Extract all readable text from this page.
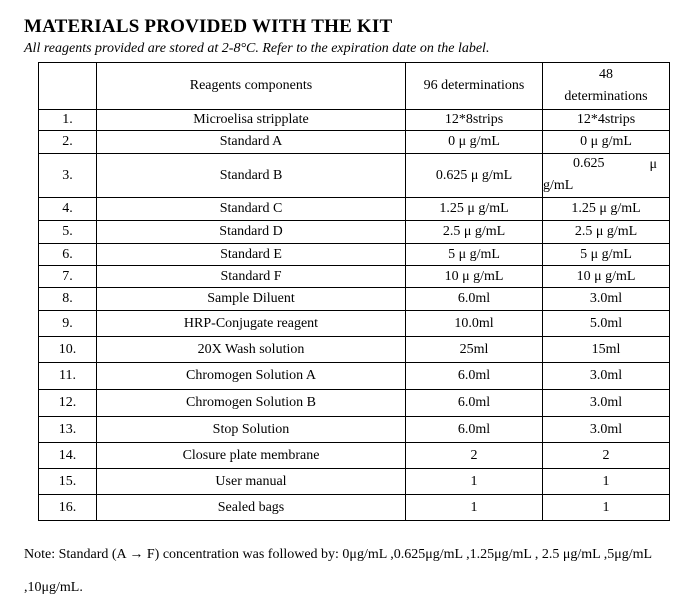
MATERIALS PROVIDED WITH THE KIT
All reagents provided are stored at 2-8°C. Refer to the expiration date on the label.
	Reagents components	96 determinations	48
determinations

1.	Microelisa stripplate	12*8strips	12*4strips
2.	Standard A	0 μ g/mL	0 μ g/mL
3.	Standard B	0.625 μ g/mL	0.625 μ
g/mL

4.	Standard C	1.25 μ g/mL	1.25 μ g/mL
5.	Standard D	2.5 μ g/mL	2.5 μ g/mL
6.	Standard E	5 μ g/mL	5 μ g/mL
7.	Standard F	10 μ g/mL	10 μ g/mL
8.	Sample Diluent	6.0ml	3.0ml
9.	HRP-Conjugate reagent	10.0ml	5.0ml
10.	20X Wash solution	25ml	15ml
11.	Chromogen Solution A	6.0ml	3.0ml
12.	Chromogen Solution B	6.0ml	3.0ml
13.	Stop Solution	6.0ml	3.0ml
14.	Closure plate membrane	2	2
15.	User manual	1	1
16.	Sealed bags	1	1
Note: Standard (A → F) concentration was followed by: 0μg/mL ,0.625μg/mL ,1.25μg/mL , 2.5 μg/mL ,5μg/mL ,10μg/mL.
